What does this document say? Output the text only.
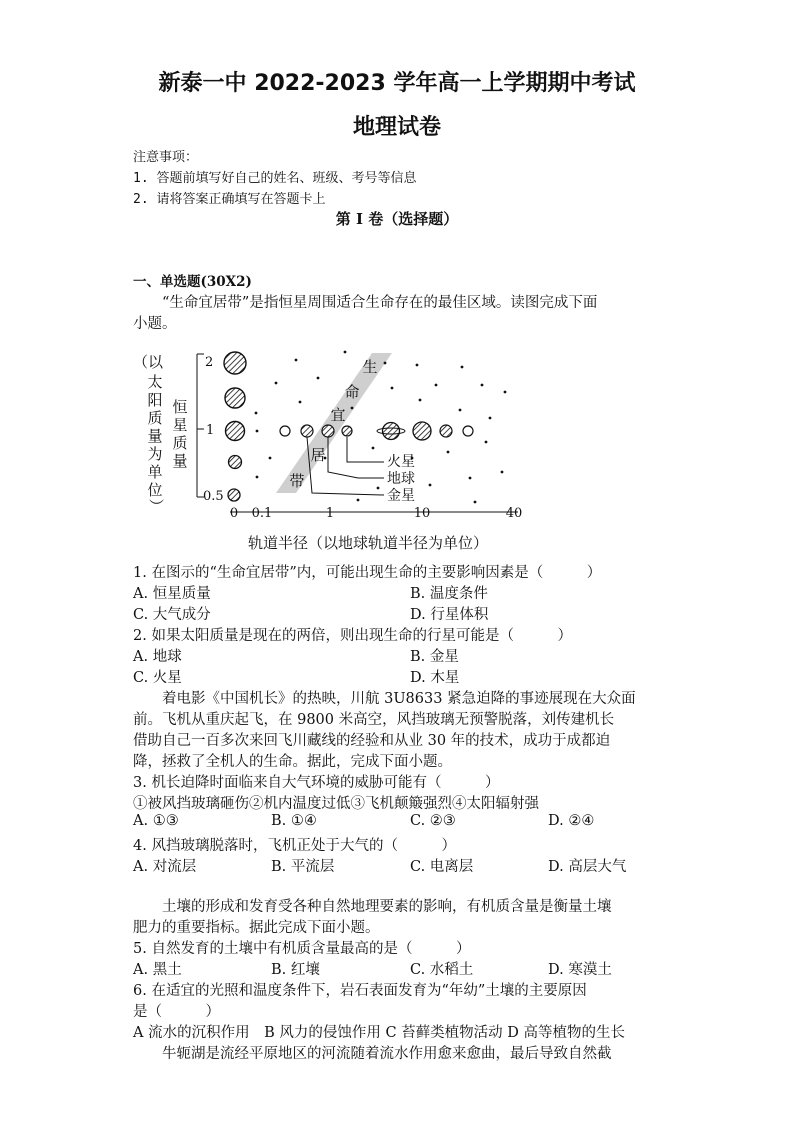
新泰一中 2022-2023 学年高一上学期期中考试
地理试卷
注意事项：
1. 答题前填写好自己的姓名、班级、考号等信息
2. 请将答案正确填写在答题卡上
第 I 卷（选择题）
一、单选题(30X2)
“生命宜居带”是指恒星周围适合生命存在的最佳区域。读图完成下面
小题。
（以
太
阳
质
量
为
单
位
）
恒
星
质
量
2
1
0.5
0 0.1	1	10	40
轨道半径（以地球轨道半径为单位）
生
命
宜
居
带
火星
地球
金星
1. 在图示的“生命宜居带”内，可能出现生命的主要影响因素是（　　　）
A. 恒星质量	B. 温度条件
C. 大气成分	D. 行星体积
2. 如果太阳质量是现在的两倍，则出现生命的行星可能是（　　　）
A. 地球	B. 金星
C. 火星	D. 木星
着电影《中国机长》的热映，川航 3U8633 紧急迫降的事迹展现在大众面
前。飞机从重庆起飞，在 9800 米高空，风挡玻璃无预警脱落，刘传建机长
借助自己一百多次来回飞川藏线的经验和从业 30 年的技术，成功于成都迫
降，拯救了全机人的生命。据此，完成下面小题。
3. 机长迫降时面临来自大气环境的威胁可能有（　　　）
①被风挡玻璃砸伤②机内温度过低③飞机颠簸强烈④太阳辐射强
A. ①③	B. ①④	C. ②③	D. ②④
4. 风挡玻璃脱落时，飞机正处于大气的（　　　）
A. 对流层	B. 平流层	C. 电离层	D. 高层大气
土壤的形成和发育受各种自然地理要素的影响，有机质含量是衡量土壤
肥力的重要指标。据此完成下面小题。
5. 自然发育的土壤中有机质含量最高的是（　　　）
A. 黑土	B. 红壤	C. 水稻土	D. 寒漠土
6. 在适宜的光照和温度条件下，岩石表面发育为“年幼”土壤的主要原因
是（　　　）
A 流水的沉积作用　B 风力的侵蚀作用 C 苔藓类植物活动 D 高等植物的生长
牛轭湖是流经平原地区的河流随着流水作用愈来愈曲，最后导致自然截
